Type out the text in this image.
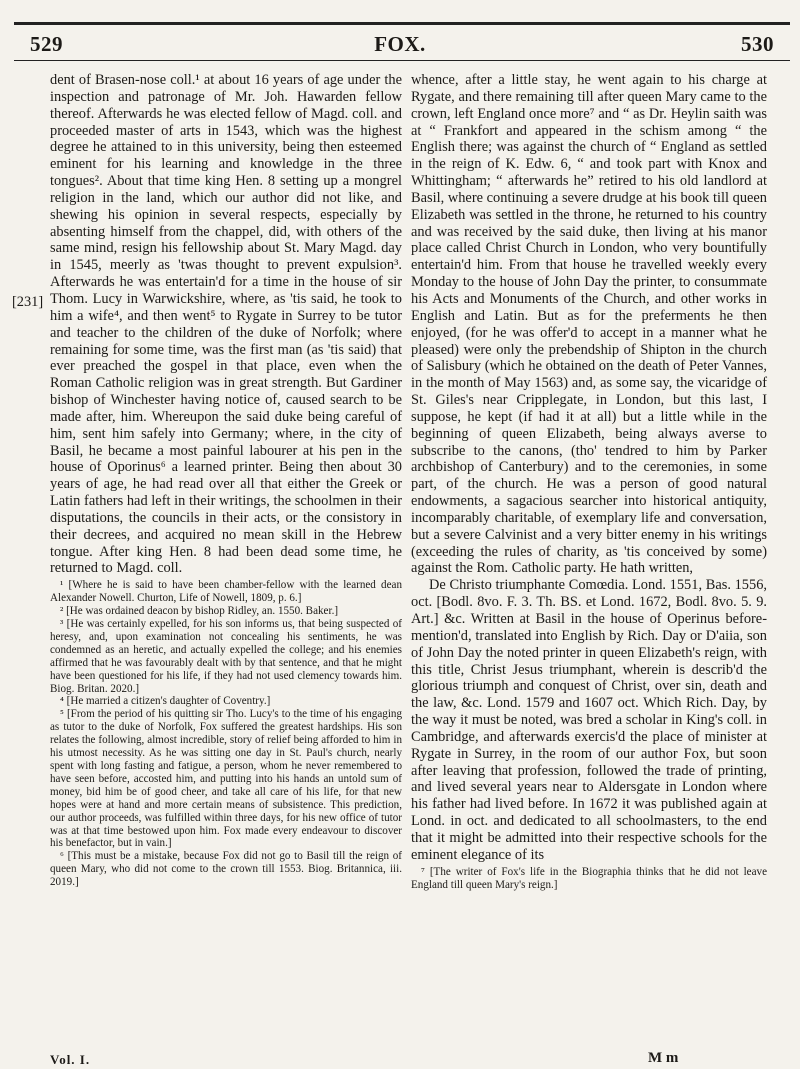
529	FOX.	530
[231]

dent of Brasen-nose coll.¹ at about 16 years of age under the inspection and patronage of Mr. Joh. Hawarden fellow thereof. Afterwards he was elected fellow of Magd. coll. and proceeded master of arts in 1543, which was the highest degree he attained to in this university, being then esteemed eminent for his learning and knowledge in the three tongues². About that time king Hen. 8 setting up a mongrel religion in the land, which our author did not like, and shewing his opinion in several respects, especially by absenting himself from the chappel, did, with others of the same mind, resign his fellowship about St. Mary Magd. day in 1545, meerly as 'twas thought to prevent expulsion³. Afterwards he was entertain'd for a time in the house of sir Thom. Lucy in Warwickshire, where, as 'tis said, he took to him a wife⁴, and then went⁵ to Rygate in Surrey to be tutor and teacher to the children of the duke of Norfolk; where remaining for some time, was the first man (as 'tis said) that ever preached the gospel in that place, even when the Roman Catholic religion was in great strength. But Gardiner bishop of Winchester having notice of, caused search to be made after, him. Whereupon the said duke being careful of him, sent him safely into Germany; where, in the city of Basil, he became a most painful labourer at his pen in the house of Oporinus⁶ a learned printer. Being then about 30 years of age, he had read over all that either the Greek or Latin fathers had left in their writings, the schoolmen in their disputations, the councils in their acts, or the consistory in their decrees, and acquired no mean skill in the Hebrew tongue. After king Hen. 8 had been dead some time, he returned to Magd. coll.

¹ [Where he is said to have been chamber-fellow with the learned dean Alexander Nowell. Churton, Life of Nowell, 1809, p. 6.]

² [He was ordained deacon by bishop Ridley, an. 1550. Baker.]

³ [He was certainly expelled, for his son informs us, that being suspected of heresy, and, upon examination not concealing his sentiments, he was condemned as an heretic, and actually expelled the college; and his enemies affirmed that he was favourably dealt with by that sentence, and that he might have been questioned for his life, if they had not used clemency towards him. Biog. Britan. 2020.]

⁴ [He married a citizen's daughter of Coventry.]

⁵ [From the period of his quitting sir Tho. Lucy's to the time of his engaging as tutor to the duke of Norfolk, Fox suffered the greatest hardships. His son relates the following, almost incredible, story of relief being afforded to him in his utmost necessity. As he was sitting one day in St. Paul's church, nearly spent with long fasting and fatigue, a person, whom he never remembered to have seen before, accosted him, and putting into his hands an untold sum of money, bid him be of good cheer, and take all care of his life, for that new hopes were at hand and more certain means of subsistence. This prediction, our author proceeds, was fulfilled within three days, for his new office of tutor was at that time bestowed upon him. Fox made every endeavour to discover his benefactor, but in vain.]

⁶ [This must be a mistake, because Fox did not go to Basil till the reign of queen Mary, who did not come to the crown till 1553. Biog. Britannica, iii. 2019.]

whence, after a little stay, he went again to his charge at Rygate, and there remaining till after queen Mary came to the crown, left England once more⁷ and “ as Dr. Heylin saith was at “ Frankfort and appeared in the schism among “ the English there; was against the church of “ England as settled in the reign of K. Edw. 6, “ and took part with Knox and Whittingham; “ afterwards he” retired to his old landlord at Basil, where continuing a severe drudge at his book till queen Elizabeth was settled in the throne, he returned to his country and was received by the said duke, then living at his manor place called Christ Church in London, who very bountifully entertain'd him. From that house he travelled weekly every Monday to the house of John Day the printer, to consummate his Acts and Monuments of the Church, and other works in English and Latin. But as for the preferments he then enjoyed, (for he was offer'd to accept in a manner what he pleased) were only the prebendship of Shipton in the church of Salisbury (which he obtained on the death of Peter Vannes, in the month of May 1563) and, as some say, the vicaridge of St. Giles's near Cripplegate, in London, but this last, I suppose, he kept (if had it at all) but a little while in the beginning of queen Elizabeth, being always averse to subscribe to the canons, (tho' tendred to him by Parker archbishop of Canterbury) and to the ceremonies, in some part, of the church. He was a person of good natural endowments, a sagacious searcher into historical antiquity, incomparably charitable, of exemplary life and conversation, but a severe Calvinist and a very bitter enemy in his writings (exceeding the rules of charity, as 'tis conceived by some) against the Rom. Catholic party. He hath written,

De Christo triumphante Comœdia. Lond. 1551, Bas. 1556, oct. [Bodl. 8vo. F. 3. Th. BS. et Lond. 1672, Bodl. 8vo. 5. 9. Art.] &c. Written at Basil in the house of Operinus before-mention'd, translated into English by Rich. Day or D'aiia, son of John Day the noted printer in queen Elizabeth's reign, with this title, Christ Jesus triumphant, wherein is describ'd the glorious triumph and conquest of Christ, over sin, death and the law, &c. Lond. 1579 and 1607 oct. Which Rich. Day, by the way it must be noted, was bred a scholar in King's coll. in Cambridge, and afterwards exercis'd the place of minister at Rygate in Surrey, in the room of our author Fox, but soon after leaving that profession, followed the trade of printing, and lived several years near to Aldersgate in London where his father had lived before. In 1672 it was published again at Lond. in oct. and dedicated to all schoolmasters, to the end that it might be admitted into their respective schools for the eminent elegance of its

⁷ [The writer of Fox's life in the Biographia thinks that he did not leave England till queen Mary's reign.]

Vol. I.	M m
